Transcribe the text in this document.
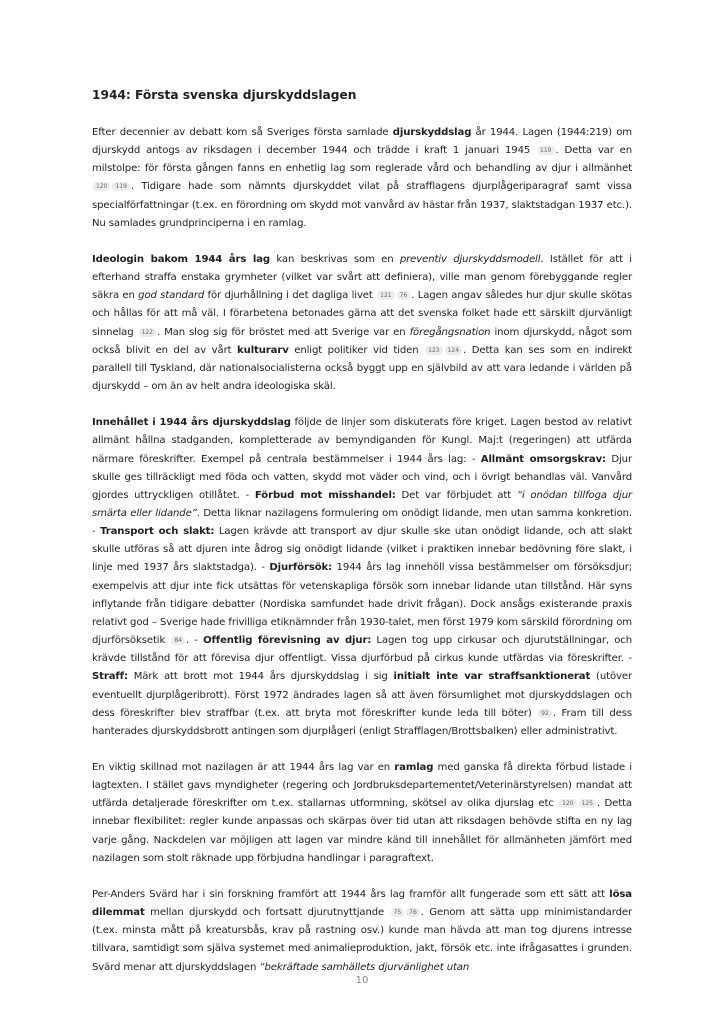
1944: Första svenska djurskyddslagen

Efter decennier av debatt kom så Sveriges första samlade djurskyddslag år 1944. Lagen (1944:219) om djurskydd antogs av riksdagen i december 1944 och trädde i kraft 1 januari 1945 119 . Detta var en milstolpe: för första gången fanns en enhetlig lag som reglerade vård och behandling av djur i allmänhet 120 119 . Tidigare hade som nämnts djurskyddet vilat på strafflagens djurplågeriparagraf samt vissa specialförfattningar (t.ex. en förordning om skydd mot vanvård av hästar från 1937, slaktstadgan 1937 etc.). Nu samlades grundprinciperna i en ramlag.

Ideologin bakom 1944 års lag kan beskrivas som en preventiv djurskyddsmodell. Istället för att i efterhand straffa enstaka grymheter (vilket var svårt att definiera), ville man genom förebyggande regler säkra en god standard för djurhållning i det dagliga livet 121 76 . Lagen angav således hur djur skulle skötas och hållas för att må väl. I förarbetena betonades gärna att det svenska folket hade ett särskilt djurvänligt sinnelag 122 . Man slog sig för bröstet med att Sverige var en föregångsnation inom djurskydd, något som också blivit en del av vårt kulturarv enligt politiker vid tiden 123 124 . Detta kan ses som en indirekt parallell till Tyskland, där nationalsocialisterna också byggt upp en självbild av att vara ledande i världen på djurskydd – om än av helt andra ideologiska skäl.

Innehållet i 1944 års djurskyddslag följde de linjer som diskuterats före kriget. Lagen bestod av relativt allmänt hållna stadganden, kompletterade av bemyndiganden för Kungl. Maj:t (regeringen) att utfärda närmare föreskrifter. Exempel på centrala bestämmelser i 1944 års lag: - Allmänt omsorgskrav: Djur skulle ges tillräckligt med föda och vatten, skydd mot väder och vind, och i övrigt behandlas väl. Vanvård gjordes uttryckligen otillåtet. - Förbud mot misshandel: Det var förbjudet att “i onödan tillfoga djur smärta eller lidande”. Detta liknar nazilagens formulering om onödigt lidande, men utan samma konkretion. - Transport och slakt: Lagen krävde att transport av djur skulle ske utan onödigt lidande, och att slakt skulle utföras så att djuren inte ådrog sig onödigt lidande (vilket i praktiken innebar bedövning före slakt, i linje med 1937 års slaktstadga). - Djurförsök: 1944 års lag innehöll vissa bestämmelser om försöksdjur; exempelvis att djur inte fick utsättas för vetenskapliga försök som innebar lidande utan tillstånd. Här syns inflytande från tidigare debatter (Nordiska samfundet hade drivit frågan). Dock ansågs existerande praxis relativt god – Sverige hade frivilliga etiknämnder från 1930-talet, men först 1979 kom särskild förordning om djurförsöksetik 84 . - Offentlig förevisning av djur: Lagen tog upp cirkusar och djurutställningar, och krävde tillstånd för att förevisa djur offentligt. Vissa djurförbud på cirkus kunde utfärdas via föreskrifter. - Straff: Märk att brott mot 1944 års djurskyddslag i sig initialt inte var straffsanktionerat (utöver eventuellt djurplågeribrott). Först 1972 ändrades lagen så att även försumlighet mot djurskyddslagen och dess föreskrifter blev straffbar (t.ex. att bryta mot föreskrifter kunde leda till böter) 92 . Fram till dess hanterades djurskyddsbrott antingen som djurplågeri (enligt Strafflagen/Brottsbalken) eller administrativt.

En viktig skillnad mot nazilagen är att 1944 års lag var en ramlag med ganska få direkta förbud listade i lagtexten. I stället gavs myndigheter (regering och Jordbruksdepartementet/Veterinärstyrelsen) mandat att utfärda detaljerade föreskrifter om t.ex. stallarnas utformning, skötsel av olika djurslag etc 120 125 . Detta innebar flexibilitet: regler kunde anpassas och skärpas över tid utan att riksdagen behövde stifta en ny lag varje gång. Nackdelen var möjligen att lagen var mindre känd till innehållet för allmänheten jämfört med nazilagen som stolt räknade upp förbjudna handlingar i paragraftext.

Per-Anders Svärd har i sin forskning framfört att 1944 års lag framför allt fungerade som ett sätt att lösa dilemmat mellan djurskydd och fortsatt djurutnyttjande 75 76 . Genom att sätta upp minimistandarder (t.ex. minsta mått på kreatursbås, krav på rastning osv.) kunde man hävda att man tog djurens intresse tillvara, samtidigt som själva systemet med animalieproduktion, jakt, försök etc. inte ifrågasattes i grunden. Svärd menar att djurskyddslagen “bekräftade samhällets djurvänlighet utan

10
